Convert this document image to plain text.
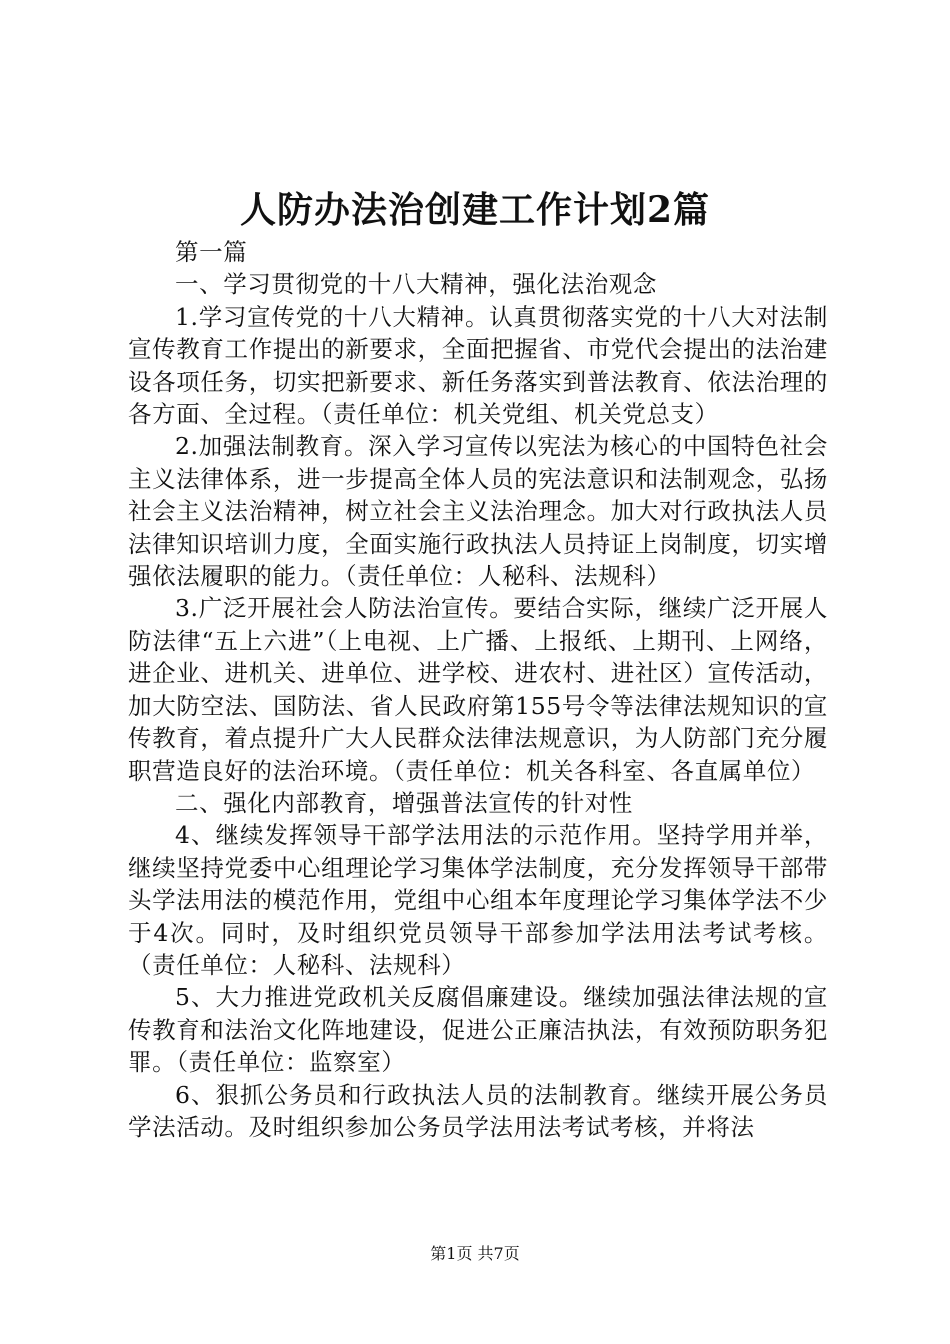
人防办法治创建工作计划2篇

第一篇

一、学习贯彻党的十八大精神，强化法治观念

1.学习宣传党的十八大精神。认真贯彻落实党的十八大对法制宣传教育工作提出的新要求，全面把握省、市党代会提出的法治建设各项任务，切实把新要求、新任务落实到普法教育、依法治理的各方面、全过程。（责任单位：机关党组、机关党总支）

2.加强法制教育。深入学习宣传以宪法为核心的中国特色社会主义法律体系，进一步提高全体人员的宪法意识和法制观念，弘扬社会主义法治精神，树立社会主义法治理念。加大对行政执法人员法律知识培训力度，全面实施行政执法人员持证上岗制度，切实增强依法履职的能力。（责任单位：人秘科、法规科）

3.广泛开展社会人防法治宣传。要结合实际，继续广泛开展人防法律“五上六进”（上电视、上广播、上报纸、上期刊、上网络，进企业、进机关、进单位、进学校、进农村、进社区）宣传活动，加大防空法、国防法、省人民政府第155号令等法律法规知识的宣传教育，着点提升广大人民群众法律法规意识，为人防部门充分履职营造良好的法治环境。（责任单位：机关各科室、各直属单位）

二、强化内部教育，增强普法宣传的针对性

4、继续发挥领导干部学法用法的示范作用。坚持学用并举，继续坚持党委中心组理论学习集体学法制度，充分发挥领导干部带头学法用法的模范作用，党组中心组本年度理论学习集体学法不少于4次。同时，及时组织党员领导干部参加学法用法考试考核。（责任单位：人秘科、法规科）

5、大力推进党政机关反腐倡廉建设。继续加强法律法规的宣传教育和法治文化阵地建设，促进公正廉洁执法，有效预防职务犯罪。（责任单位：监察室）

6、狠抓公务员和行政执法人员的法制教育。继续开展公务员学法活动。及时组织参加公务员学法用法考试考核，并将法

第1页 共7页
